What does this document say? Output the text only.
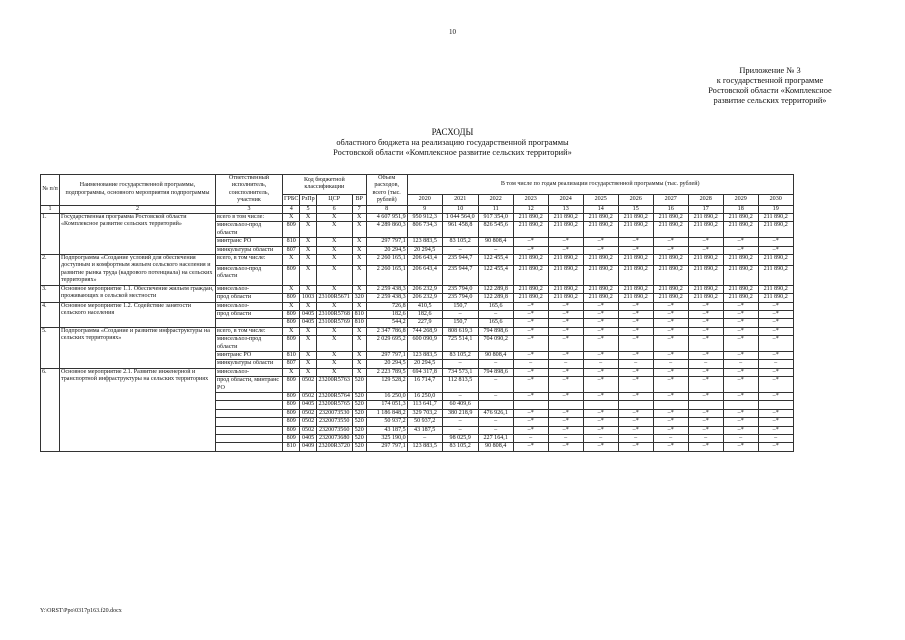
10
Приложение № 3
к государственной программе
Ростовской области «Комплексное
развитие сельских территорий»
РАСХОДЫ
областного бюджета на реализацию государственной программы
Ростовской области «Комплексное развитие сельских территорий»
№ п/п	Наименование государственной программы, подпрограммы, основного мероприятия подпрограммы	Ответственный исполнитель, соисполнитель, участник	Код бюджетной классификации				Объем расходов, всего (тыс. рублей)	В том числе по годам реализации государственной программы (тыс. рублей)										
			ГРБС	РзПр	ЦСР	ВР		2020	2021	2022	2023	2024	2025	2026	2027	2028	2029	2030
1	2	3	4	5	6	7	8	9	10	11	12	13	14	15	16	17	18	19
1.	Государственная программа Ростовской области «Комплексное развитие сельских территорий»	всего в том числе:	X	X	X	X	4 607 951,9	950 912,3	1 044 564,0	917 354,0	211 890,2	211 890,2	211 890,2	211 890,2	211 890,2	211 890,2	211 890,2	211 890,2
		минсельхоз-прод области	809	X	X	X	4 289 860,3	806 734,3	961 458,8	826 545,6	211 890,2	211 890,2	211 890,2	211 890,2	211 890,2	211 890,2	211 890,2	211 890,2
		минтранс РО	810	X	X	X	297 797,1	123 883,5	83 105,2	90 808,4	–*	–*	–*	–*	–*	–*	–*	–*
		минкультуры области	807	X	X	X	20 294,5	20 294,5	–	–	–*	–*	–*	–*	–*	–*	–*	–*
2.	Подпрограмма «Создание условий для обеспечения доступным и комфортным жильем сельского населения и развитие рынка труда (кадрового потенциала) на сельских территориях»	всего, в том числе:	X	X	X	X	2 260 165,1	206 643,4	235 944,7	122 455,4	211 890,2	211 890,2	211 890,2	211 890,2	211 890,2	211 890,2	211 890,2	211 890,2
		минсельхоз-прод области	809	X	X	X	2 260 165,1	206 643,4	235 944,7	122 455,4	211 890,2	211 890,2	211 890,2	211 890,2	211 890,2	211 890,2	211 890,2	211 890,2
3.	Основное мероприятие 1.1. Обеспечение жильем граждан, проживающих в сельской местности	минсельхоз-	X	X	X	X	2 259 438,3	206 232,9	235 794,0	122 289,8	211 890,2	211 890,2	211 890,2	211 890,2	211 890,2	211 890,2	211 890,2	211 890,2
		прод области	809	1003	23100R5671	320	2 259 438,3	206 232,9	235 794,0	122 289,8	211 890,2	211 890,2	211 890,2	211 890,2	211 890,2	211 890,2	211 890,2	211 890,2
4.	Основное мероприятие 1.2. Содействие занятости сельского населения	минсельхоз-	X	X	X	X	726,8	410,5	150,7	165,6	–*	–*	–*	–*	–*	–*	–*	–*
		прод области	809	0405	23100R5768	810	182,6	182,6	–	–	–*	–*	–*	–*	–*	–*	–*	–*
			809	0405	23100R5769	810	544,2	227,9	150,7	165,6	–*	–*	–*	–*	–*	–*	–*	–*
5.	Подпрограмма «Создание и развитие инфраструктуры на сельских территориях»	всего, в том числе:	X	X	X	X	2 347 786,8	744 268,9	808 619,3	794 898,6	–*	–*	–*	–*	–*	–*	–*	–*
		минсельхоз-прод области	809	X	X	X	2 029 695,2	600 090,9	725 514,1	704 090,2	–*	–*	–*	–*	–*	–*	–*	–*
		минтранс РО	810	X	X	X	297 797,1	123 883,5	83 105,2	90 808,4	–*	–*	–*	–*	–*	–*	–*	–*
		минкультуры области	807	X	X	X	20 294,5	20 294,5	–	–	–	–	–	–	–	–	–	–
6.	Основное мероприятие 2.1. Развитие инженерной и транспортной инфраструктуры на сельских территориях	минсельхоз-	X	X	X	X	2 223 789,5	694 317,8	734 573,1	794 898,6	–*	–*	–*	–*	–*	–*	–*	–*
		прод области, минтранс РО	809	0502	23200R5763	520	129 528,2	16 714,7	112 813,5	–	–*	–*	–*	–*	–*	–*	–*	–*
			809	0502	23200R5764	520	16 250,0	16 250,0	–	–	–*	–*	–*	–*	–*	–*	–*	–*
			809	0405	23200R5765	520	174 051,3	113 641,7	60 409,6									
			809	0502	2320073530	520	1 186 848,2	329 703,2	380 218,9	476 926,1	–*	–*	–*	–*	–*	–*	–*	–*
			809	0502	2320073550	520	50 937,2	50 937,2	–	–	–*	–*	–*	–*	–*	–*	–*	–*
			809	0502	2320073560	520	43 187,5	43 187,5	–	–	–*	–*	–*	–*	–*	–*	–*	–*
			809	0405	2320073680	520	325 190,0	–	98 025,9	227 164,1	–	–	–	–	–	–	–	–
			810	0409	23200R3720	520	297 797,1	123 883,5	83 105,2	90 808,4	–*	–*	–*	–*	–*	–*	–*	–*
Y:\ORST\Ppo\0317p163.f20.docx
